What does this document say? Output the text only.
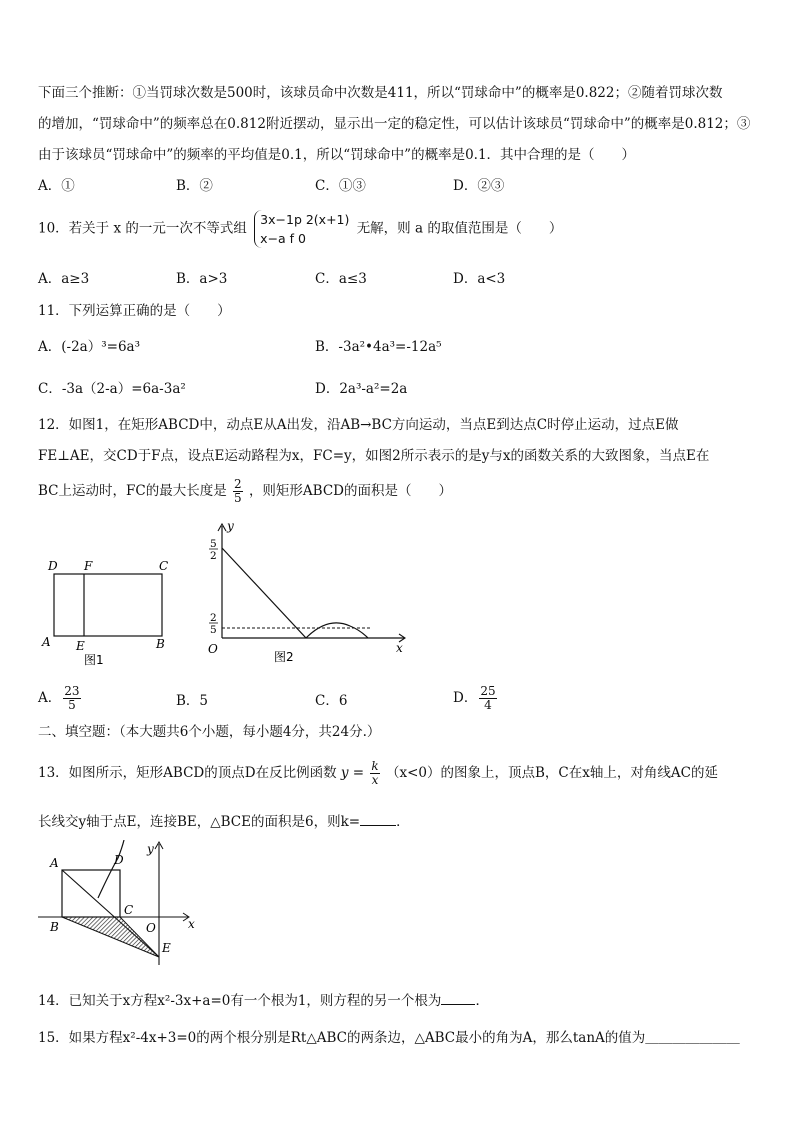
下面三个推断：①当罚球次数是500时，该球员命中次数是411，所以“罚球命中”的概率是0.822；②随着罚球次数
的增加，“罚球命中”的频率总在0.812附近摆动，显示出一定的稳定性，可以估计该球员“罚球命中”的概率是0.812；③
由于该球员“罚球命中”的频率的平均值是0.1，所以“罚球命中”的概率是0.1．其中合理的是（　　）
A．①	B．②	C．①③	D．②③
10．若关于 x 的一元一次不等式组
3x−1p 2(x+1)
x−a f 0
无解，则 a 的取值范围是（　　）
A．a≥3	B．a>3	C．a≤3	D．a<3
11．下列运算正确的是（　　）
A．(-2a）³=6a³	B．-3a²•4a³=-12a⁵
C．-3a（2-a）=6a-3a²	D．2a³-a²=2a
12．如图1，在矩形ABCD中，动点E从A出发，沿AB→BC方向运动，当点E到达点C时停止运动，过点E做
FE⊥AE，交CD于F点，设点E运动路程为x，FC=y，如图2所示表示的是y与x的函数关系的大致图象，当点E在
BC上运动时，FC的最大长度是 $\frac{2}{5}$ ，则矩形ABCD的面积是（　　）
D F	C
A E	B
图1
y
x
O
5
2
2
5
图2
A． $\frac{23}{5}$	B．5	C．6	D． $\frac{25}{4}$
二、填空题：（本大题共6个小题，每小题4分，共24分.）
13．如图所示，矩形ABCD的顶点D在反比例函数 $y = \frac{k}{x} (x<0)$的图象上，顶点B，C在x轴上，对角线AC的延
长线交y轴于点E，连接BE，△BCE的面积是6，则k=	．
A	D
y
C
O	x
B
E
14．已知关于x方程x²-3x+a=0有一个根为1，则方程的另一个根为	．
15．如果方程x²-4x+3=0的两个根分别是Rt△ABC的两条边，△ABC最小的角为A，那么tanA的值为＿＿＿＿＿＿＿
